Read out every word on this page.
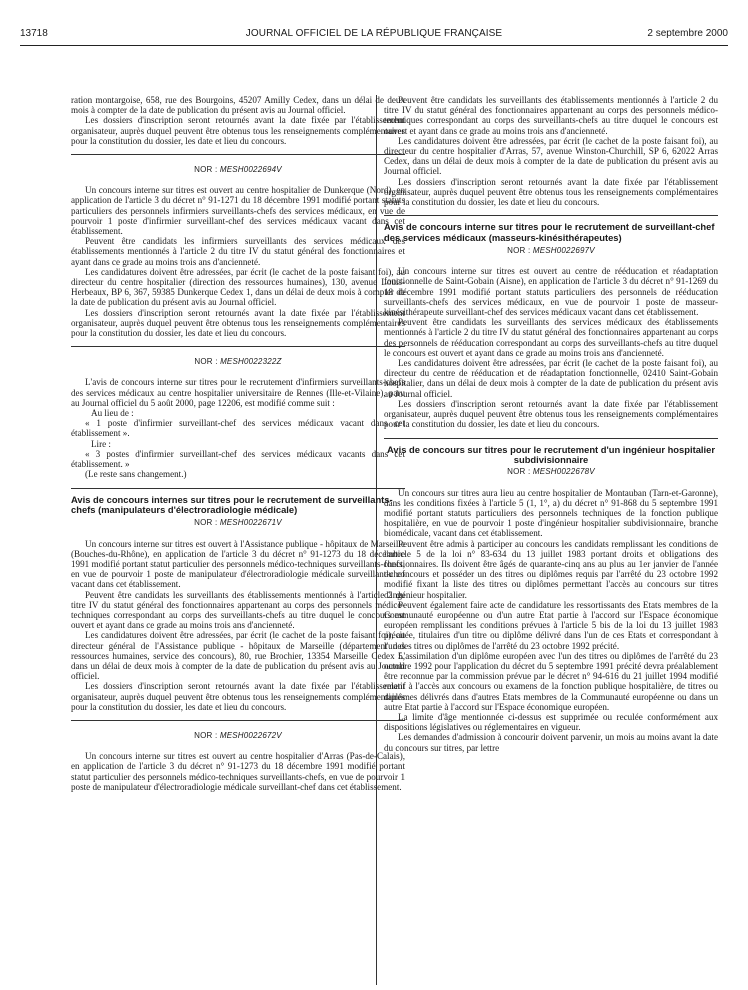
13718	JOURNAL OFFICIEL DE LA RÉPUBLIQUE FRANÇAISE	2 septembre 2000

ration montargoise, 658, rue des Bourgoins, 45207 Amilly Cedex, dans un délai de deux mois à compter de la date de publication du présent avis au Journal officiel.

Les dossiers d'inscription seront retournés avant la date fixée par l'établissement organisateur, auprès duquel peuvent être obtenus tous les renseignements complémentaires pour la constitution du dossier, les date et lieu du concours.

NOR : MESH0022694V

Un concours interne sur titres est ouvert au centre hospitalier de Dunkerque (Nord), en application de l'article 3 du décret n° 91-1271 du 18 décembre 1991 modifié portant statuts particuliers des personnels infirmiers surveillants-chefs des services médicaux, en vue de pourvoir 1 poste d'infirmier surveillant-chef des services médicaux vacant dans cet établissement.

Peuvent être candidats les infirmiers surveillants des services médicaux des établissements mentionnés à l'article 2 du titre IV du statut général des fonctionnaires et ayant dans ce grade au moins trois ans d'ancienneté.

Les candidatures doivent être adressées, par écrit (le cachet de la poste faisant foi), au directeur du centre hospitalier (direction des ressources humaines), 130, avenue Louis-Herbeaux, BP 6, 367, 59385 Dunkerque Cedex 1, dans un délai de deux mois à compter de la date de publication du présent avis au Journal officiel.

Les dossiers d'inscription seront retournés avant la date fixée par l'établissement organisateur, auprès duquel peuvent être obtenus tous les renseignements complémentaires pour la constitution du dossier, les date et lieu du concours.

NOR : MESH0022322Z

L'avis de concours interne sur titres pour le recrutement d'infirmiers surveillants-chefs des services médicaux au centre hospitalier universitaire de Rennes (Ille-et-Vilaine), paru au Journal officiel du 5 août 2000, page 12206, est modifié comme suit :

Au lieu de :

« 1 poste d'infirmier surveillant-chef des services médicaux vacant dans cet établissement ».

Lire :

« 3 postes d'infirmier surveillant-chef des services médicaux vacants dans cet établissement. »

(Le reste sans changement.)

Avis de concours internes sur titres pour le recrutement de surveillants-chefs (manipulateurs d'électroradiologie médicale)
NOR : MESH0022671V

Un concours interne sur titres est ouvert à l'Assistance publique - hôpitaux de Marseille (Bouches-du-Rhône), en application de l'article 3 du décret n° 91-1273 du 18 décembre 1991 modifié portant statut particulier des personnels médico-techniques surveillants-chefs, en vue de pourvoir 1 poste de manipulateur d'électroradiologie médicale surveillant-chef vacant dans cet établissement.

Peuvent être candidats les surveillants des établissements mentionnés à l'article 2 du titre IV du statut général des fonctionnaires appartenant au corps des personnels médico-techniques correspondant au corps des surveillants-chefs au titre duquel le concours est ouvert et ayant dans ce grade au moins trois ans d'ancienneté.

Les candidatures doivent être adressées, par écrit (le cachet de la poste faisant foi), au directeur général de l'Assistance publique - hôpitaux de Marseille (département des ressources humaines, service des concours), 80, rue Brochier, 13354 Marseille Cedex 5, dans un délai de deux mois à compter de la date de publication du présent avis au Journal officiel.

Les dossiers d'inscription seront retournés avant la date fixée par l'établissement organisateur, auprès duquel peuvent être obtenus tous les renseignements complémentaires pour la constitution du dossier, les date et lieu du concours.

NOR : MESH0022672V

Un concours interne sur titres est ouvert au centre hospitalier d'Arras (Pas-de-Calais), en application de l'article 3 du décret n° 91-1273 du 18 décembre 1991 modifié portant statut particulier des personnels médico-techniques surveillants-chefs, en vue de pourvoir 1 poste de manipulateur d'électroradiologie médicale surveillant-chef dans cet établissement.

Peuvent être candidats les surveillants des établissements mentionnés à l'article 2 du titre IV du statut général des fonctionnaires appartenant au corps des personnels médico-techniques correspondant au corps des surveillants-chefs au titre duquel le concours est ouvert et ayant dans ce grade au moins trois ans d'ancienneté.

Les candidatures doivent être adressées, par écrit (le cachet de la poste faisant foi), au directeur du centre hospitalier d'Arras, 57, avenue Winston-Churchill, SP 6, 62022 Arras Cedex, dans un délai de deux mois à compter de la date de publication du présent avis au Journal officiel.

Les dossiers d'inscription seront retournés avant la date fixée par l'établissement organisateur, auprès duquel peuvent être obtenus tous les renseignements complémentaires pour la constitution du dossier, les date et lieu du concours.

Avis de concours interne sur titres pour le recrutement de surveillant-chef des services médicaux (masseurs-kinésithérapeutes)
NOR : MESH0022697V

Un concours interne sur titres est ouvert au centre de rééducation et réadaptation fonctionnelle de Saint-Gobain (Aisne), en application de l'article 3 du décret n° 91-1269 du 18 décembre 1991 modifié portant statuts particuliers des personnels de rééducation surveillants-chefs des services médicaux, en vue de pourvoir 1 poste de masseur-kinésithérapeute surveillant-chef des services médicaux vacant dans cet établissement.

Peuvent être candidats les surveillants des services médicaux des établissements mentionnés à l'article 2 du titre IV du statut général des fonctionnaires appartenant au corps des personnels de rééducation correspondant au corps des surveillants-chefs au titre duquel le concours est ouvert et ayant dans ce grade au moins trois ans d'ancienneté.

Les candidatures doivent être adressées, par écrit (le cachet de la poste faisant foi), au directeur du centre de rééducation et de réadaptation fonctionnelle, 02410 Saint-Gobain hospitalier, dans un délai de deux mois à compter de la date de publication du présent avis au Journal officiel.

Les dossiers d'inscription seront retournés avant la date fixée par l'établissement organisateur, auprès duquel peuvent être obtenus tous les renseignements complémentaires pour la constitution du dossier, les date et lieu du concours.

Avis de concours sur titres pour le recrutement d'un ingénieur hospitalier subdivisionnaire
NOR : MESH0022678V

Un concours sur titres aura lieu au centre hospitalier de Montauban (Tarn-et-Garonne), dans les conditions fixées à l'article 5 (1, 1°, a) du décret n° 91-868 du 5 septembre 1991 modifié portant statuts particuliers des personnels techniques de la fonction publique hospitalière, en vue de pourvoir 1 poste d'ingénieur hospitalier subdivisionnaire, branche biomédicale, vacant dans cet établissement.

Peuvent être admis à participer au concours les candidats remplissant les conditions de l'article 5 de la loi n° 83-634 du 13 juillet 1983 portant droits et obligations des fonctionnaires. Ils doivent être âgés de quarante-cinq ans au plus au 1er janvier de l'année du concours et posséder un des titres ou diplômes requis par l'arrêté du 23 octobre 1992 modifié fixant la liste des titres ou diplômes permettant l'accès au concours sur titres d'ingénieur hospitalier.

Peuvent également faire acte de candidature les ressortissants des Etats membres de la Communauté européenne ou d'un autre Etat partie à l'accord sur l'Espace économique européen remplissant les conditions prévues à l'article 5 bis de la loi du 13 juillet 1983 précitée, titulaires d'un titre ou diplôme délivré dans l'un de ces Etats et correspondant à l'un des titres ou diplômes de l'arrêté du 23 octobre 1992 précité.

L'assimilation d'un diplôme européen avec l'un des titres ou diplômes de l'arrêté du 23 octobre 1992 pour l'application du décret du 5 septembre 1991 précité devra préalablement être reconnue par la commission prévue par le décret n° 94-616 du 21 juillet 1994 modifié relatif à l'accès aux concours ou examens de la fonction publique hospitalière, de titres ou diplômes délivrés dans d'autres Etats membres de la Communauté européenne ou dans un autre Etat partie à l'accord sur l'Espace économique européen.

La limite d'âge mentionnée ci-dessus est supprimée ou reculée conformément aux dispositions législatives ou réglementaires en vigueur.

Les demandes d'admission à concourir doivent parvenir, un mois au moins avant la date du concours sur titres, par lettre
